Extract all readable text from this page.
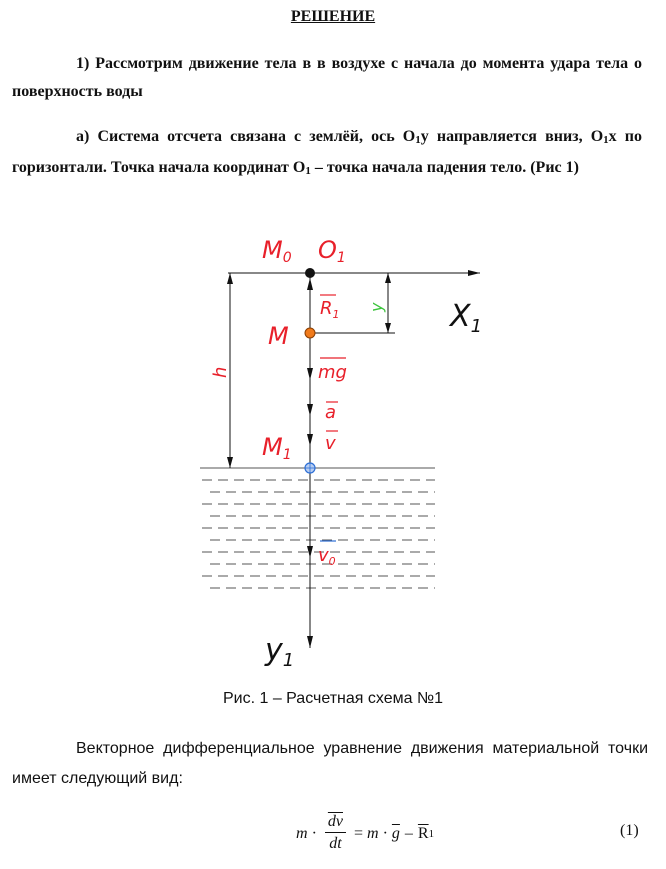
РЕШЕНИЕ

1) Рассмотрим движение тела в в воздухе с начала до момента удара тела о поверхность воды

а) Система отсчета связана с землёй, ось O1y направляется вниз, O1x по горизонтали. Точка начала координат O1 – точка начала падения тело. (Рис 1)

M0 O1
M
M1
$X_1$
$y_1$
$R_1$
mg
a
v
$v_0$
h
y
Рис. 1 – Расчетная схема №1

Векторное дифференциальное уравнение движения материальной точки имеет следующий вид:

$m \cdot \frac{\overline{dv}}{dt} = m \cdot \overline{g} - \overline{R}$ 1	(1)
